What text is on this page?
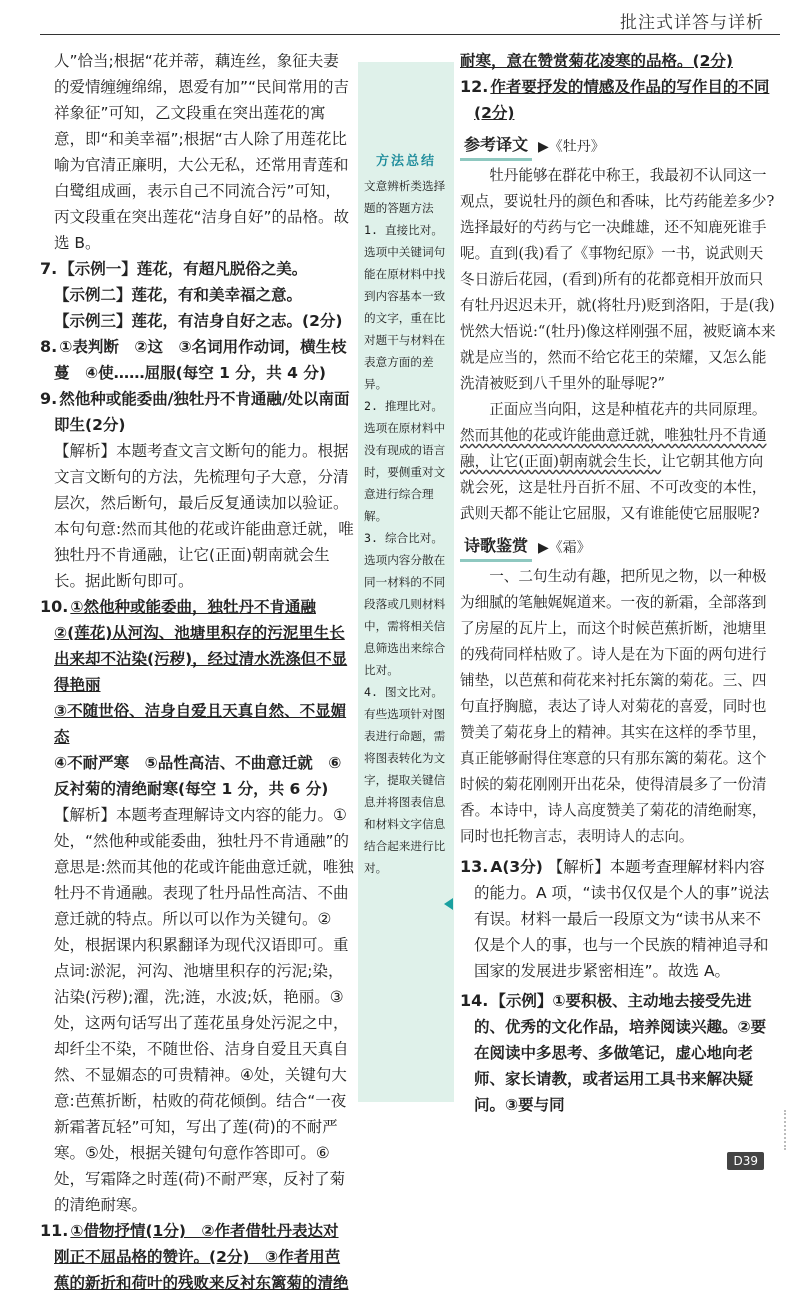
批注式详答与详析

人”恰当;根据“花并蒂，藕连丝，象征夫妻的爱情缠缠绵绵，恩爱有加”“民间常用的吉祥象征”可知，乙文段重在突出莲花的寓意，即“和美幸福”;根据“古人除了用莲花比喻为官清正廉明，大公无私，还常用青莲和白鹭组成画，表示自己不同流合污”可知，丙文段重在突出莲花“洁身自好”的品格。故选 B。

7. 【示例一】莲花，有超凡脱俗之美。

【示例二】莲花，有和美幸福之意。

【示例三】莲花，有洁身自好之志。(2分)

8. ①表判断　②这　③名词用作动词，横生枝蔓　④使……屈服(每空 1 分，共 4 分)

9. 然他种或能委曲/独牡丹不肯通融/处以南面即生(2分)

【解析】本题考查文言文断句的能力。根据文言文断句的方法，先梳理句子大意，分清层次，然后断句，最后反复通读加以验证。本句句意:然而其他的花或许能曲意迁就，唯独牡丹不肯通融，让它(正面)朝南就会生长。据此断句即可。

10. ①然他种或能委曲，独牡丹不肯通融

②(莲花)从河沟、池塘里积存的污泥里生长出来却不沾染(污秽)，经过清水洗涤但不显得艳丽

③不随世俗、洁身自爱且天真自然、不显媚态

④不耐严寒　⑤品性高洁、不曲意迁就　⑥反衬菊的清绝耐寒(每空 1 分，共 6 分)

【解析】本题考查理解诗文内容的能力。①处，“然他种或能委曲，独牡丹不肯通融”的意思是:然而其他的花或许能曲意迁就，唯独牡丹不肯通融。表现了牡丹品性高洁、不曲意迁就的特点。所以可以作为关键句。②处，根据课内积累翻译为现代汉语即可。重点词:淤泥，河沟、池塘里积存的污泥;染，沾染(污秽);濯，洗;涟，水波;妖，艳丽。③处，这两句话写出了莲花虽身处污泥之中，却纤尘不染，不随世俗、洁身自爱且天真自然、不显媚态的可贵精神。④处，关键句大意:芭蕉折断，枯败的荷花倾倒。结合“一夜新霜著瓦轻”可知，写出了莲(荷)的不耐严寒。⑤处，根据关键句句意作答即可。⑥处，写霜降之时莲(荷)不耐严寒，反衬了菊的清绝耐寒。

11. ①借物抒情(1分)　②作者借牡丹表达对刚正不屈品格的赞许。(2分)　③作者用芭蕉的新折和荷叶的残败来反衬东篱菊的清绝

方法总结

文意辨析类选择题的答题方法

1. 直接比对。选项中关键词句能在原材料中找到内容基本一致的文字，重在比对题干与材料在表意方面的差异。

2. 推理比对。选项在原材料中没有现成的语言时，要侧重对文意进行综合理解。

3. 综合比对。选项内容分散在同一材料的不同段落或几则材料中，需将相关信息筛选出来综合比对。

4. 图文比对。有些选项针对图表进行命题，需将图表转化为文字，提取关键信息并将图表信息和材料文字信息结合起来进行比对。

耐寒，意在赞赏菊花凌寒的品格。(2分)

12. 作者要抒发的情感及作品的写作目的不同(2分)

参考译文 ▶《牡丹》

牡丹能够在群花中称王，我最初不认同这一观点，要说牡丹的颜色和香味，比芍药能差多少?选择最好的芍药与它一决雌雄，还不知鹿死谁手呢。直到(我)看了《事物纪原》一书，说武则天冬日游后花园，(看到)所有的花都竟相开放而只有牡丹迟迟未开，就(将牡丹)贬到洛阳，于是(我)恍然大悟说:“(牡丹)像这样刚强不屈，被贬谪本来就是应当的，然而不给它花王的荣耀，又怎么能洗清被贬到八千里外的耻辱呢?”

正面应当向阳，这是种植花卉的共同原理。然而其他的花或许能曲意迁就，唯独牡丹不肯通融，让它(正面)朝南就会生长，让它朝其他方向就会死，这是牡丹百折不屈、不可改变的本性，武则天都不能让它屈服，又有谁能使它屈服呢?

诗歌鉴赏 ▶《霜》

一、二句生动有趣，把所见之物，以一种极为细腻的笔触娓娓道来。一夜的新霜，全部落到了房屋的瓦片上，而这个时候芭蕉折断，池塘里的残荷同样枯败了。诗人是在为下面的两句进行铺垫，以芭蕉和荷花来衬托东篱的菊花。三、四句直抒胸臆，表达了诗人对菊花的喜爱，同时也赞美了菊花身上的精神。其实在这样的季节里，真正能够耐得住寒意的只有那东篱的菊花。这个时候的菊花刚刚开出花朵，使得清晨多了一份清香。本诗中，诗人高度赞美了菊花的清绝耐寒，同时也托物言志，表明诗人的志向。

13. A(3分) 【解析】本题考查理解材料内容的能力。A 项，“读书仅仅是个人的事”说法有误。材料一最后一段原文为“读书从来不仅是个人的事，也与一个民族的精神追寻和国家的发展进步紧密相连”。故选 A。

14. 【示例】①要积极、主动地去接受先进的、优秀的文化作品，培养阅读兴趣。②要在阅读中多思考、多做笔记，虚心地向老师、家长请教，或者运用工具书来解决疑问。③要与同

D39
